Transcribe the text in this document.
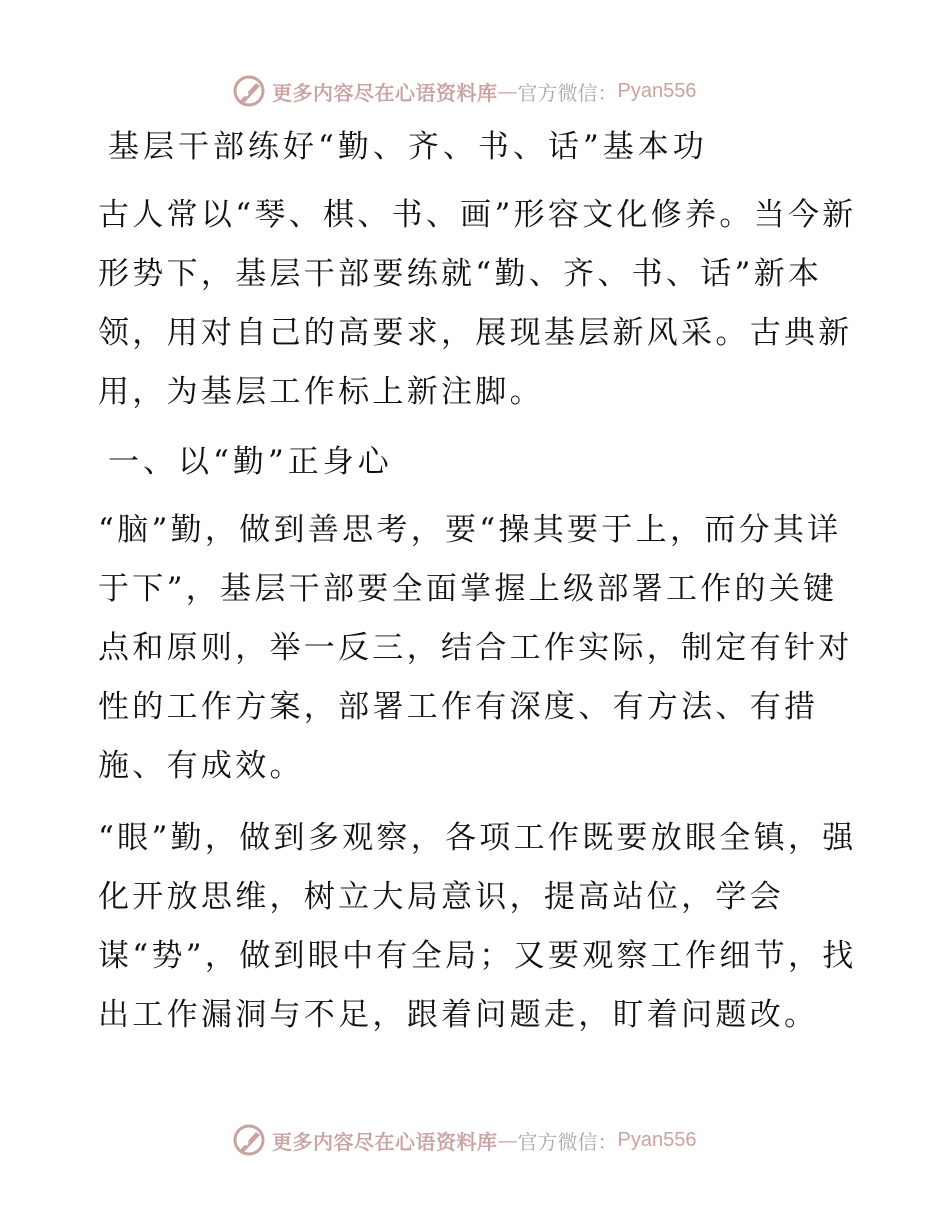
更多内容尽在心语资料库 — 官方微信： Pyan556
基层干部练好“勤、齐、书、话”基本功

古人常以“琴、棋、书、画”形容文化修养。当今新形势下，基层干部要练就“勤、齐、书、话”新本领，用对自己的高要求，展现基层新风采。古典新用，为基层工作标上新注脚。

一、以“勤”正身心

“脑”勤，做到善思考，要“操其要于上，而分其详于下”，基层干部要全面掌握上级部署工作的关键点和原则，举一反三，结合工作实际，制定有针对性的工作方案，部署工作有深度、有方法、有措施、有成效。

“眼”勤，做到多观察，各项工作既要放眼全镇，强化开放思维，树立大局意识，提高站位，学会谋“势”，做到眼中有全局；又要观察工作细节，找出工作漏洞与不足，跟着问题走，盯着问题改。

更多内容尽在心语资料库 — 官方微信： Pyan556
